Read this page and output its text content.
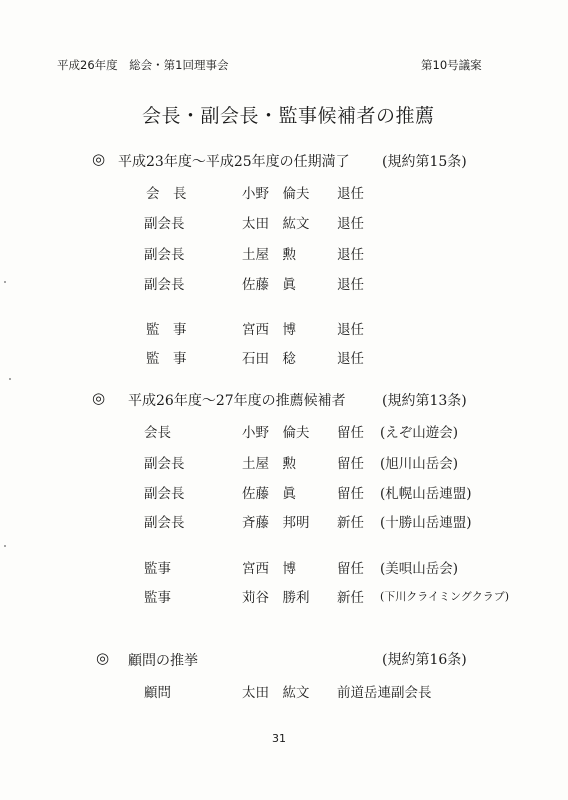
平成26年度　総会・第1回理事会	第10号議案
会長・副会長・監事候補者の推薦
◎ 平成23年度～平成25年度の任期満了 (規約第15条)
会　長	小野　倫夫 退任
副会長	太田　紘文 退任
副会長	土屋　勲	退任
副会長	佐藤　眞	退任
監　事	宮西　博	退任
監　事	石田　稔	退任
◎ 平成26年度～27年度の推薦候補者	(規約第13条)
会長	小野　倫夫 留任 (えぞ山遊会)
副会長	土屋　勲	留任 (旭川山岳会)
副会長	佐藤　眞	留任 (札幌山岳連盟)
副会長	斉藤　邦明 新任 (十勝山岳連盟)
監事	宮西　博	留任 (美唄山岳会)
監事	苅谷　勝利 新任 (下川クライミングクラブ)
◎ 顧問の推挙	(規約第16条)
顧問	太田　紘文 前道岳連副会長
31
